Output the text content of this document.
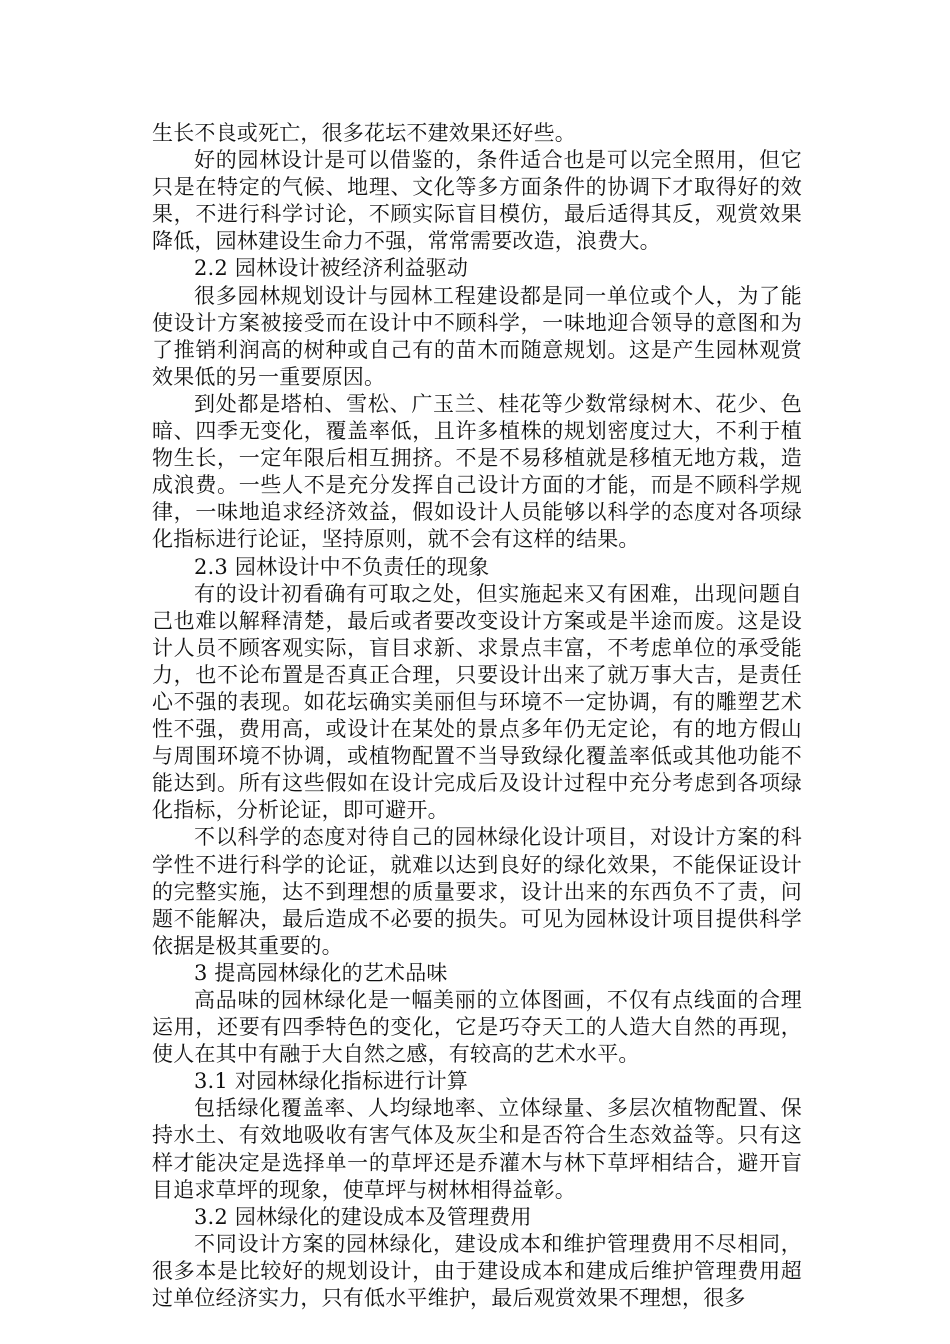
生长不良或死亡，很多花坛不建效果还好些。

好的园林设计是可以借鉴的，条件适合也是可以完全照用，但它只是在特定的气候、地理、文化等多方面条件的协调下才取得好的效果，不进行科学讨论，不顾实际盲目模仿，最后适得其反，观赏效果降低，园林建设生命力不强，常常需要改造，浪费大。

2.2 园林设计被经济利益驱动

很多园林规划设计与园林工程建设都是同一单位或个人，为了能使设计方案被接受而在设计中不顾科学，一味地迎合领导的意图和为了推销利润高的树种或自己有的苗木而随意规划。这是产生园林观赏效果低的另一重要原因。

到处都是塔柏、雪松、广玉兰、桂花等少数常绿树木、花少、色暗、四季无变化，覆盖率低，且许多植株的规划密度过大，不利于植物生长，一定年限后相互拥挤。不是不易移植就是移植无地方栽，造成浪费。一些人不是充分发挥自己设计方面的才能，而是不顾科学规律，一味地追求经济效益，假如设计人员能够以科学的态度对各项绿化指标进行论证，坚持原则，就不会有这样的结果。

2.3 园林设计中不负责任的现象

有的设计初看确有可取之处，但实施起来又有困难，出现问题自己也难以解释清楚，最后或者要改变设计方案或是半途而废。这是设计人员不顾客观实际，盲目求新、求景点丰富，不考虑单位的承受能力，也不论布置是否真正合理，只要设计出来了就万事大吉，是责任心不强的表现。如花坛确实美丽但与环境不一定协调，有的雕塑艺术性不强，费用高，或设计在某处的景点多年仍无定论，有的地方假山与周围环境不协调，或植物配置不当导致绿化覆盖率低或其他功能不能达到。所有这些假如在设计完成后及设计过程中充分考虑到各项绿化指标，分析论证，即可避开。

不以科学的态度对待自己的园林绿化设计项目，对设计方案的科学性不进行科学的论证，就难以达到良好的绿化效果，不能保证设计的完整实施，达不到理想的质量要求，设计出来的东西负不了责，问题不能解决，最后造成不必要的损失。可见为园林设计项目提供科学依据是极其重要的。

3 提高园林绿化的艺术品味

高品味的园林绿化是一幅美丽的立体图画，不仅有点线面的合理运用，还要有四季特色的变化，它是巧夺天工的人造大自然的再现，使人在其中有融于大自然之感，有较高的艺术水平。

3.1 对园林绿化指标进行计算

包括绿化覆盖率、人均绿地率、立体绿量、多层次植物配置、保持水土、有效地吸收有害气体及灰尘和是否符合生态效益等。只有这样才能决定是选择单一的草坪还是乔灌木与林下草坪相结合，避开盲目追求草坪的现象，使草坪与树林相得益彰。

3.2 园林绿化的建设成本及管理费用

不同设计方案的园林绿化，建设成本和维护管理费用不尽相同，很多本是比较好的规划设计，由于建设成本和建成后维护管理费用超过单位经济实力，只有低水平维护，最后观赏效果不理想，很多
